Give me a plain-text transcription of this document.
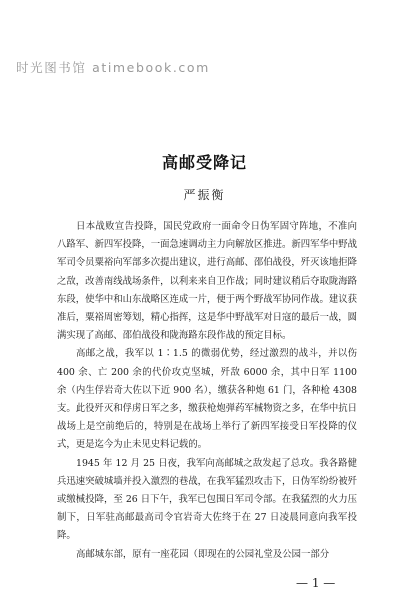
时光图书馆 atimebook.com
高邮受降记
严振衡

日本战败宣告投降，国民党政府一面命令日伪军固守阵地，不准向八路军、新四军投降，一面急速调动主力向解放区推进。新四军华中野战军司令员粟裕向军部多次提出建议，进行高邮、邵伯战役，歼灭该地拒降之敌，改善南线战场条件，以利来来自卫作战；同时建议稍后夺取陇海路东段，使华中和山东战略区连成一片，便于两个野战军协同作战。建议获准后，粟裕周密筹划，精心指挥，这是华中野战军对日寇的最后一战，圆满实现了高邮、邵伯战役和陇海路东段作战的预定目标。

高邮之战，我军以 1∶1.5 的微弱优势，经过激烈的战斗，并以伤 400 余、亡 200 余的代价攻克坚城，歼敌 6000 余，其中日军 1100 余（内生俘岩奇大佐以下近 900 名），缴获各种炮 61 门，各种枪 4308 支。此役歼灭和俘虏日军之多，缴获枪炮弹药军械物资之多，在华中抗日战场上是空前绝后的，特别是在战场上举行了新四军接受日军投降的仪式，更是迄今为止未见史料记载的。

1945 年 12 月 25 日夜，我军向高邮城之敌发起了总攻。我各路健兵迅速突破城墙并投入激烈的巷战，在我军猛烈攻击下，日伪军纷纷被歼或缴械投降，至 26 日下午，我军已包围日军司令部。在我猛烈的火力压制下，日军驻高邮最高司令官岩奇大佐终于在 27 日凌晨同意向我军投降。

高邮城东部，原有一座花园（即现在的公园礼堂及公园一部分

— 1 —
